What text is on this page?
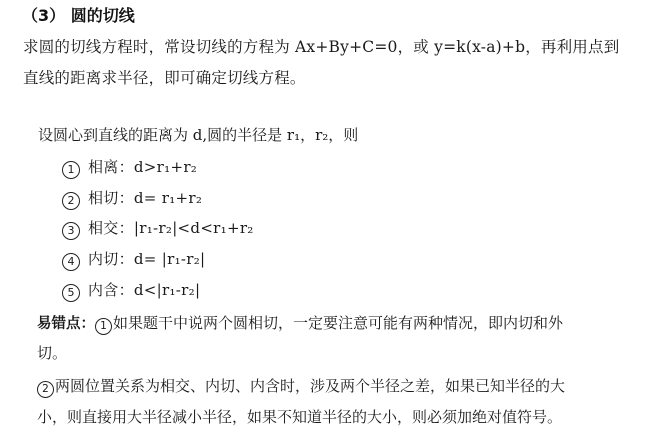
（3） 圆的切线
求圆的切线方程时，常设切线的方程为 Ax+By+C=0，或 y=k(x-a)+b，再利用点到
直线的距离求半径，即可确定切线方程。
设圆心到直线的距离为 d,圆的半径是 r₁，r₂，则
1 相离：d>r₁+r₂
2 相切：d= r₁+r₂
3 相交：|r₁-r₂|<d<r₁+r₂
4 内切：d= |r₁-r₂|
5 内含：d<|r₁-r₂|
易错点： 1 如果题干中说两个圆相切，一定要注意可能有两种情况，即内切和外
切。
2 两圆位置关系为相交、内切、内含时，涉及两个半径之差，如果已知半径的大
小，则直接用大半径减小半径，如果不知道半径的大小，则必须加绝对值符号。
